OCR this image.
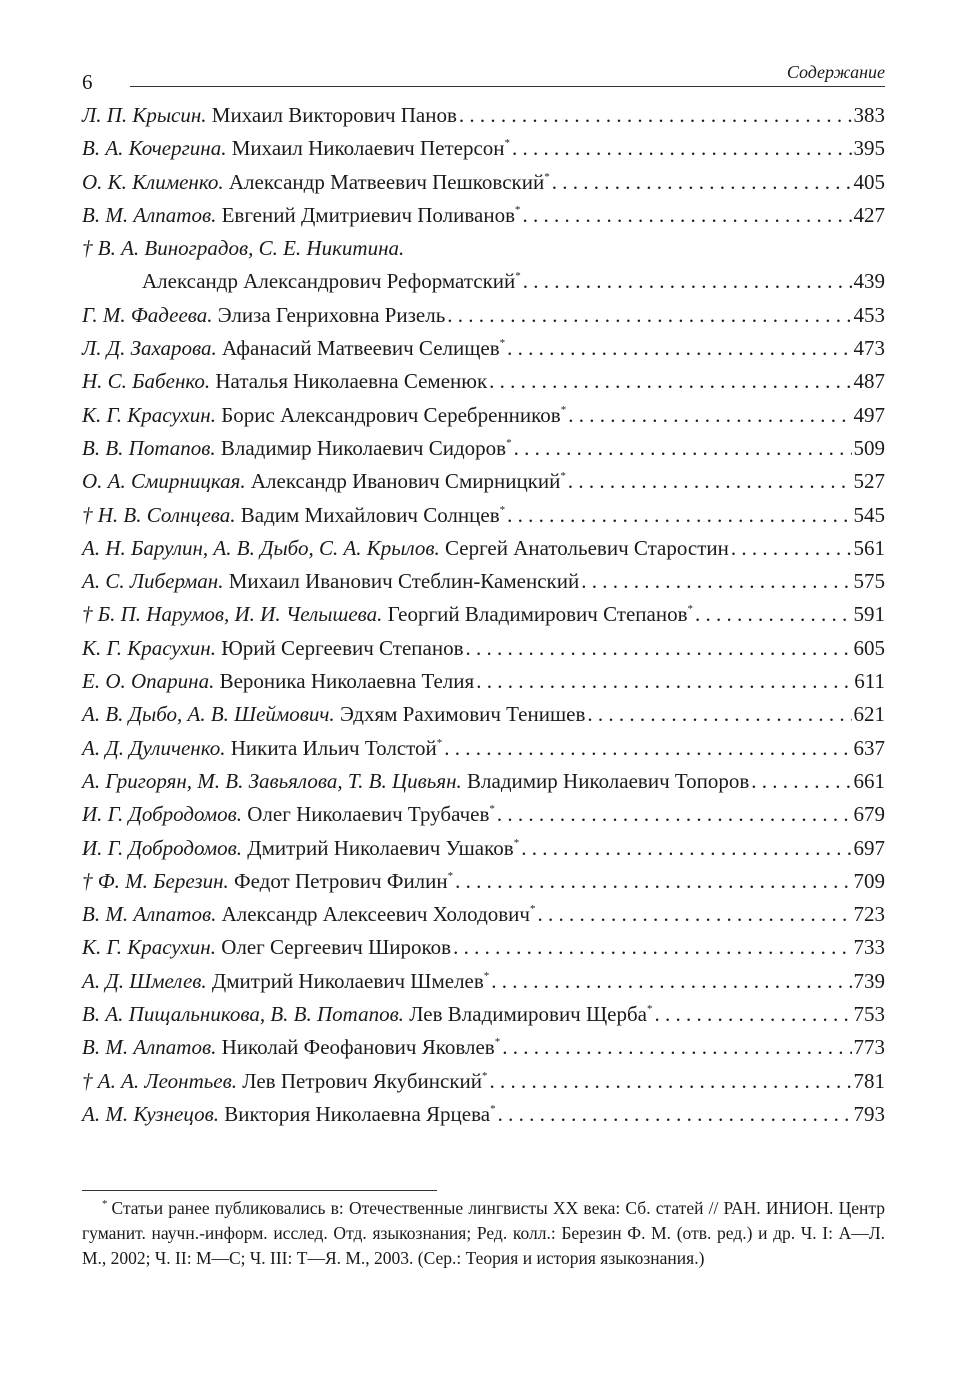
6	Содержание
Л. П. Крысин. Михаил Викторович Панов . . .	383
В. А. Кочергина. Михаил Николаевич Петерсон* . . .	395
О. К. Клименко. Александр Матвеевич Пешковский* . . .	405
В. М. Алпатов. Евгений Дмитриевич Поливанов* . . .	427
† В. А. Виноградов, С. Е. Никитина.
Александр Александрович Реформатский* . . .	439
Г. М. Фадеева. Элиза Генриховна Ризель . . .	453
Л. Д. Захарова. Афанасий Матвеевич Селищев* . . .	473
Н. С. Бабенко. Наталья Николаевна Семенюк . . .	487
К. Г. Красухин. Борис Александрович Серебренников* . . .	497
В. В. Потапов. Владимир Николаевич Сидоров* . . .	509
О. А. Смирницкая. Александр Иванович Смирницкий* . . .	527
† Н. В. Солнцева. Вадим Михайлович Солнцев* . . .	545
А. Н. Барулин, А. В. Дыбо, С. А. Крылов. Сергей Анатольевич Старостин . . .	561
А. С. Либерман. Михаил Иванович Стеблин-Каменский . . .	575
† Б. П. Нарумов, И. И. Челышева. Георгий Владимирович Степанов* . . .	591
К. Г. Красухин. Юрий Сергеевич Степанов . . .	605
Е. О. Опарина. Вероника Николаевна Телия . . .	611
А. В. Дыбо, А. В. Шеймович. Эдхям Рахимович Тенишев . . .	621
А. Д. Дуличенко. Никита Ильич Толстой* . . .	637
А. Григорян, М. В. Завьялова, Т. В. Цивьян. Владимир Николаевич Топоров . . .	661
И. Г. Добродомов. Олег Николаевич Трубачев* . . .	679
И. Г. Добродомов. Дмитрий Николаевич Ушаков* . . .	697
† Ф. М. Березин. Федот Петрович Филин* . . .	709
В. М. Алпатов. Александр Алексеевич Холодович* . . .	723
К. Г. Красухин. Олег Сергеевич Широков . . .	733
А. Д. Шмелев. Дмитрий Николаевич Шмелев* . . .	739
В. А. Пищальникова, В. В. Потапов. Лев Владимирович Щерба* . . .	753
В. М. Алпатов. Николай Феофанович Яковлев* . . .	773
† А. А. Леонтьев. Лев Петрович Якубинский* . . .	781
А. М. Кузнецов. Виктория Николаевна Ярцева* . . .	793
* Статьи ранее публиковались в: Отечественные лингвисты XX века: Сб. статей // РАН. ИНИОН. Центр гуманит. научн.-информ. исслед. Отд. языкознания; Ред. колл.: Березин Ф. М. (отв. ред.) и др. Ч. I: А—Л. М., 2002; Ч. II: М—С; Ч. III: Т—Я. М., 2003. (Сер.: Теория и история языкознания.)
